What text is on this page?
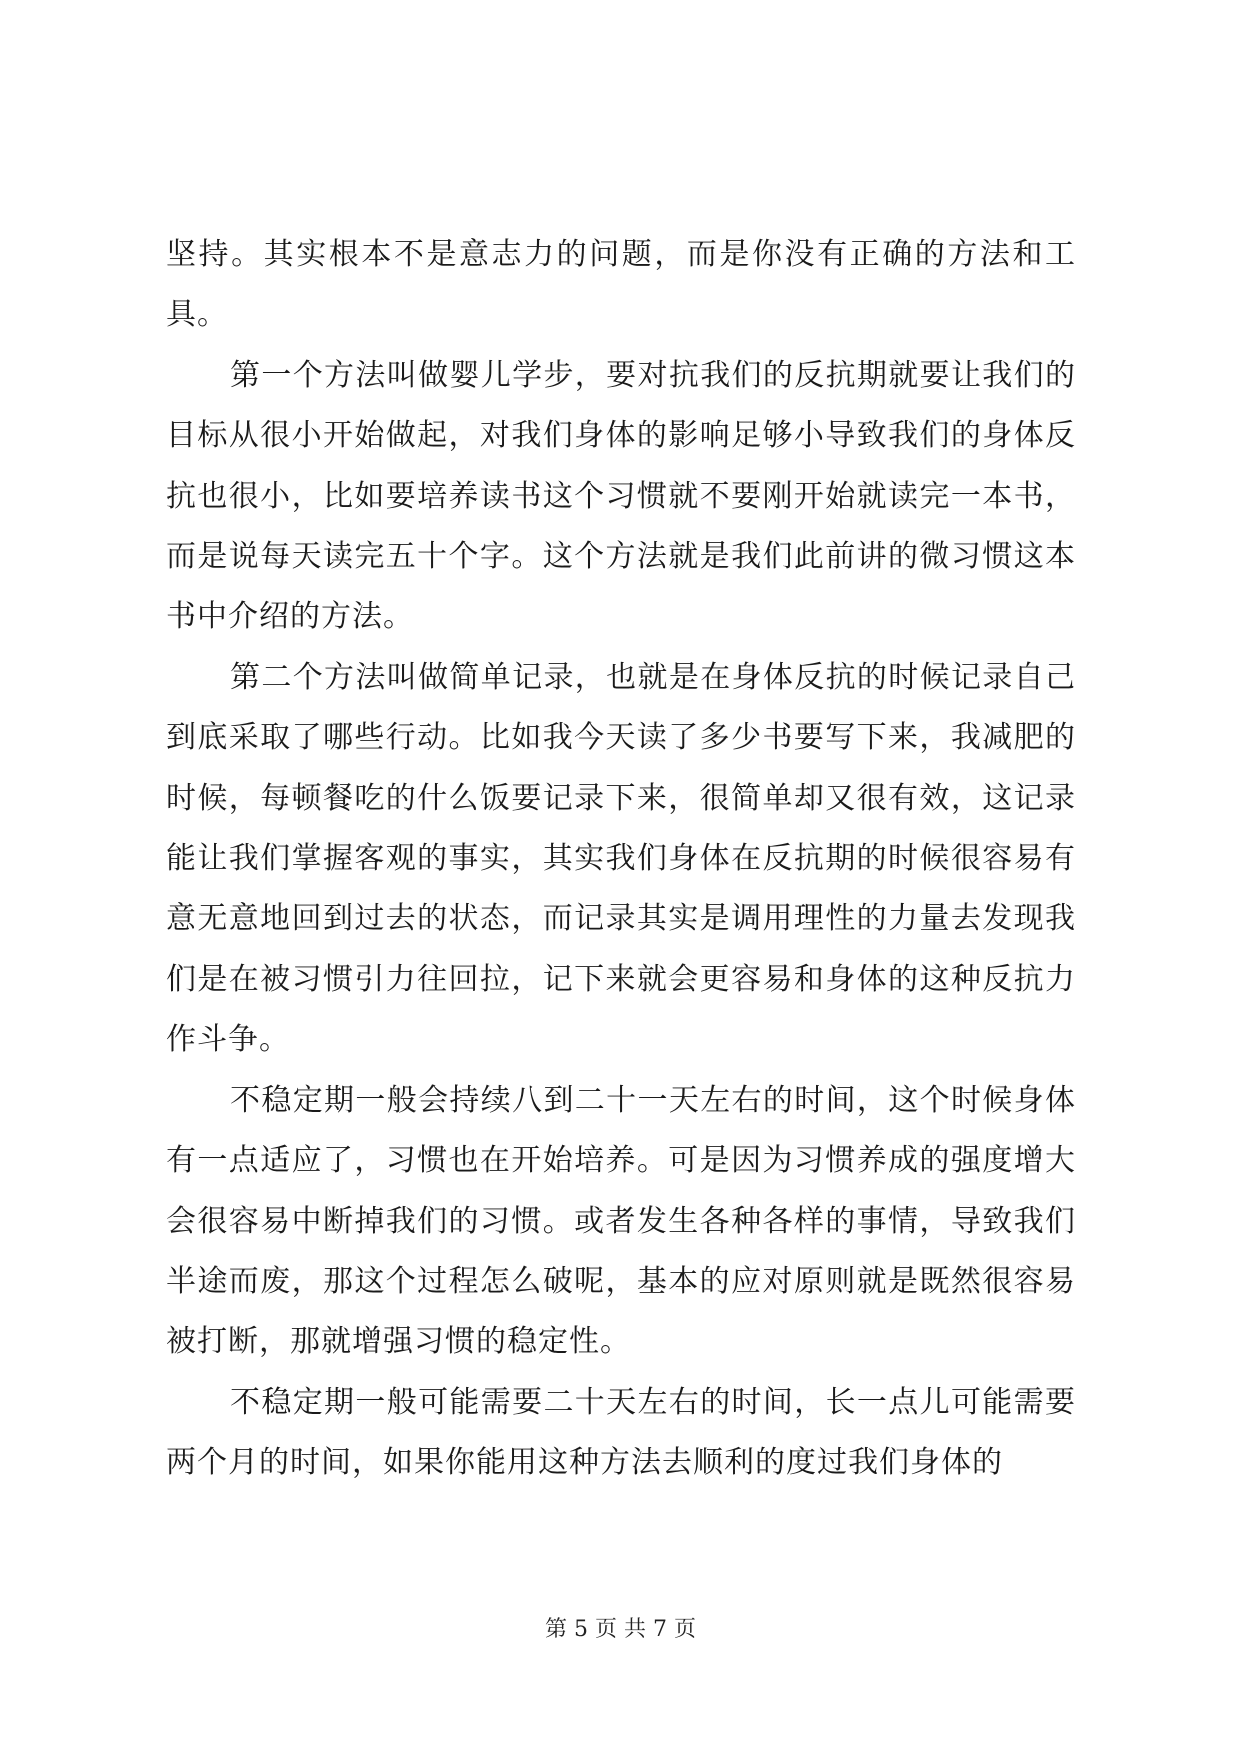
坚持。其实根本不是意志力的问题，而是你没有正确的方法和工具。

第一个方法叫做婴儿学步，要对抗我们的反抗期就要让我们的目标从很小开始做起，对我们身体的影响足够小导致我们的身体反抗也很小，比如要培养读书这个习惯就不要刚开始就读完一本书，而是说每天读完五十个字。这个方法就是我们此前讲的微习惯这本书中介绍的方法。

第二个方法叫做简单记录，也就是在身体反抗的时候记录自己到底采取了哪些行动。比如我今天读了多少书要写下来，我减肥的时候，每顿餐吃的什么饭要记录下来，很简单却又很有效，这记录能让我们掌握客观的事实，其实我们身体在反抗期的时候很容易有意无意地回到过去的状态，而记录其实是调用理性的力量去发现我们是在被习惯引力往回拉，记下来就会更容易和身体的这种反抗力作斗争。

不稳定期一般会持续八到二十一天左右的时间，这个时候身体有一点适应了，习惯也在开始培养。可是因为习惯养成的强度增大会很容易中断掉我们的习惯。或者发生各种各样的事情，导致我们半途而废，那这个过程怎么破呢，基本的应对原则就是既然很容易被打断，那就增强习惯的稳定性。

不稳定期一般可能需要二十天左右的时间，长一点儿可能需要两个月的时间，如果你能用这种方法去顺利的度过我们身体的

第 5 页 共 7 页
